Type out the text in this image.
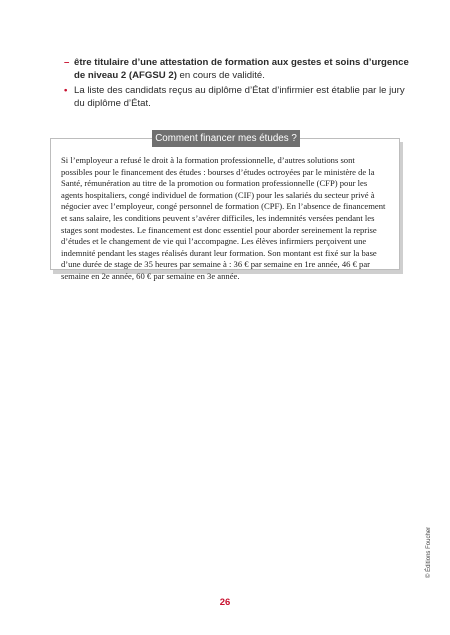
– être titulaire d’une attestation de formation aux gestes et soins d’urgence de niveau 2 (AFGSU 2) en cours de validité.
• La liste des candidats reçus au diplôme d’État d’infirmier est établie par le jury du diplôme d’État.
Comment financer mes études ?
Si l’employeur a refusé le droit à la formation professionnelle, d’autres solutions sont possibles pour le financement des études : bourses d’études octroyées par le ministère de la Santé, rémunération au titre de la promotion ou formation professionnelle (CFP) pour les agents hospitaliers, congé individuel de formation (CIF) pour les salariés du secteur privé à négocier avec l’employeur, congé personnel de formation (CPF). En l’absence de financement et sans salaire, les conditions peuvent s’avérer difficiles, les indemnités versées pendant les stages sont modestes. Le financement est donc essentiel pour aborder sereinement la reprise d’études et le changement de vie qui l’accompagne. Les élèves infirmiers perçoivent une indemnité pendant les stages réalisés durant leur formation. Son montant est fixé sur la base d’une durée de stage de 35 heures par semaine à : 36 € par semaine en 1re année, 46 € par semaine en 2e année, 60 € par semaine en 3e année.
© Éditions Foucher
26
